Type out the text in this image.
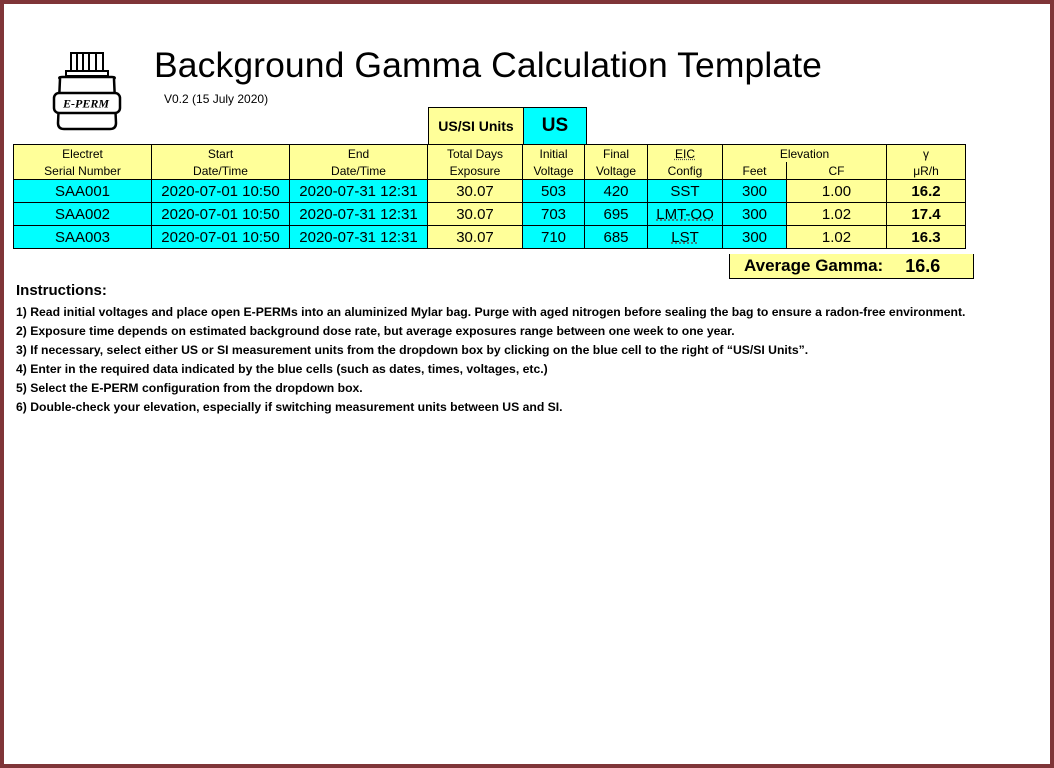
E-PERM
Background Gamma Calculation Template
V0.2 (15 July 2020)
US/SI Units	US
Electret	Start	End	Total Days	Initial	Final	EIC	Elevation		γ
Serial Number	Date/Time	Date/Time	Exposure	Voltage	Voltage	Config	Feet	CF	μR/h
SAA001	2020-07-01 10:50	2020-07-31 12:31	30.07	503	420	SST	300	1.00	16.2
SAA002	2020-07-01 10:50	2020-07-31 12:31	30.07	703	695	LMT-OO	300	1.02	17.4
SAA003	2020-07-01 10:50	2020-07-31 12:31	30.07	710	685	LST	300	1.02	16.3
Average Gamma: 16.6
Instructions:
1) Read initial voltages and place open E-PERMs into an aluminized Mylar bag. Purge with aged nitrogen before sealing the bag to ensure a radon-free environment.
2) Exposure time depends on estimated background dose rate, but average exposures range between one week to one year.
3) If necessary, select either US or SI measurement units from the dropdown box by clicking on the blue cell to the right of “US/SI Units”.
4) Enter in the required data indicated by the blue cells (such as dates, times, voltages, etc.)
5) Select the E-PERM configuration from the dropdown box.
6) Double-check your elevation, especially if switching measurement units between US and SI.
